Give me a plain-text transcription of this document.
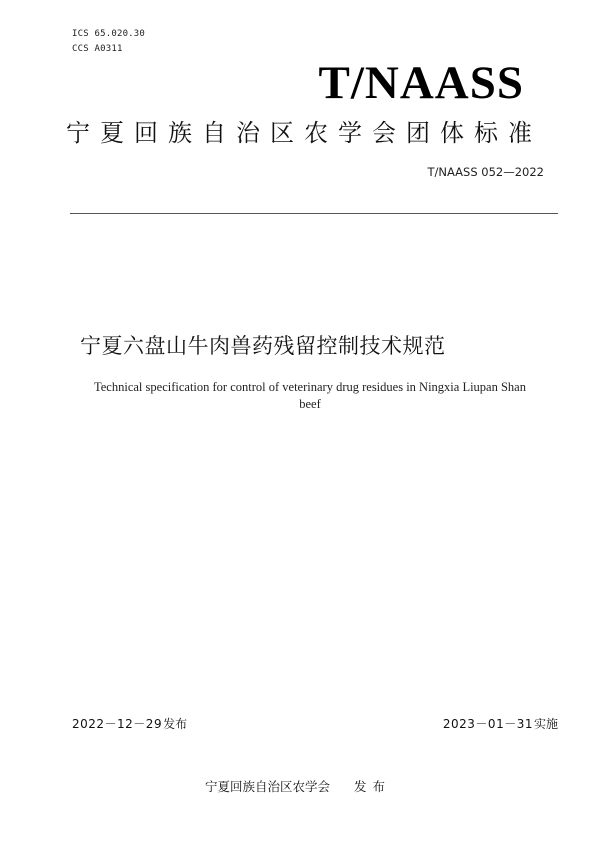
ICS 65.020.30
CCS A0311
T/NAASS
宁夏回族自治区农学会团体标准
T/NAASS 052—2022
宁夏六盘山牛肉兽药残留控制技术规范
Technical specification for control of veterinary drug residues in Ningxia Liupan Shan beef
2022－12－29发布	2023－01－31实施
宁夏回族自治区农学会 发布
